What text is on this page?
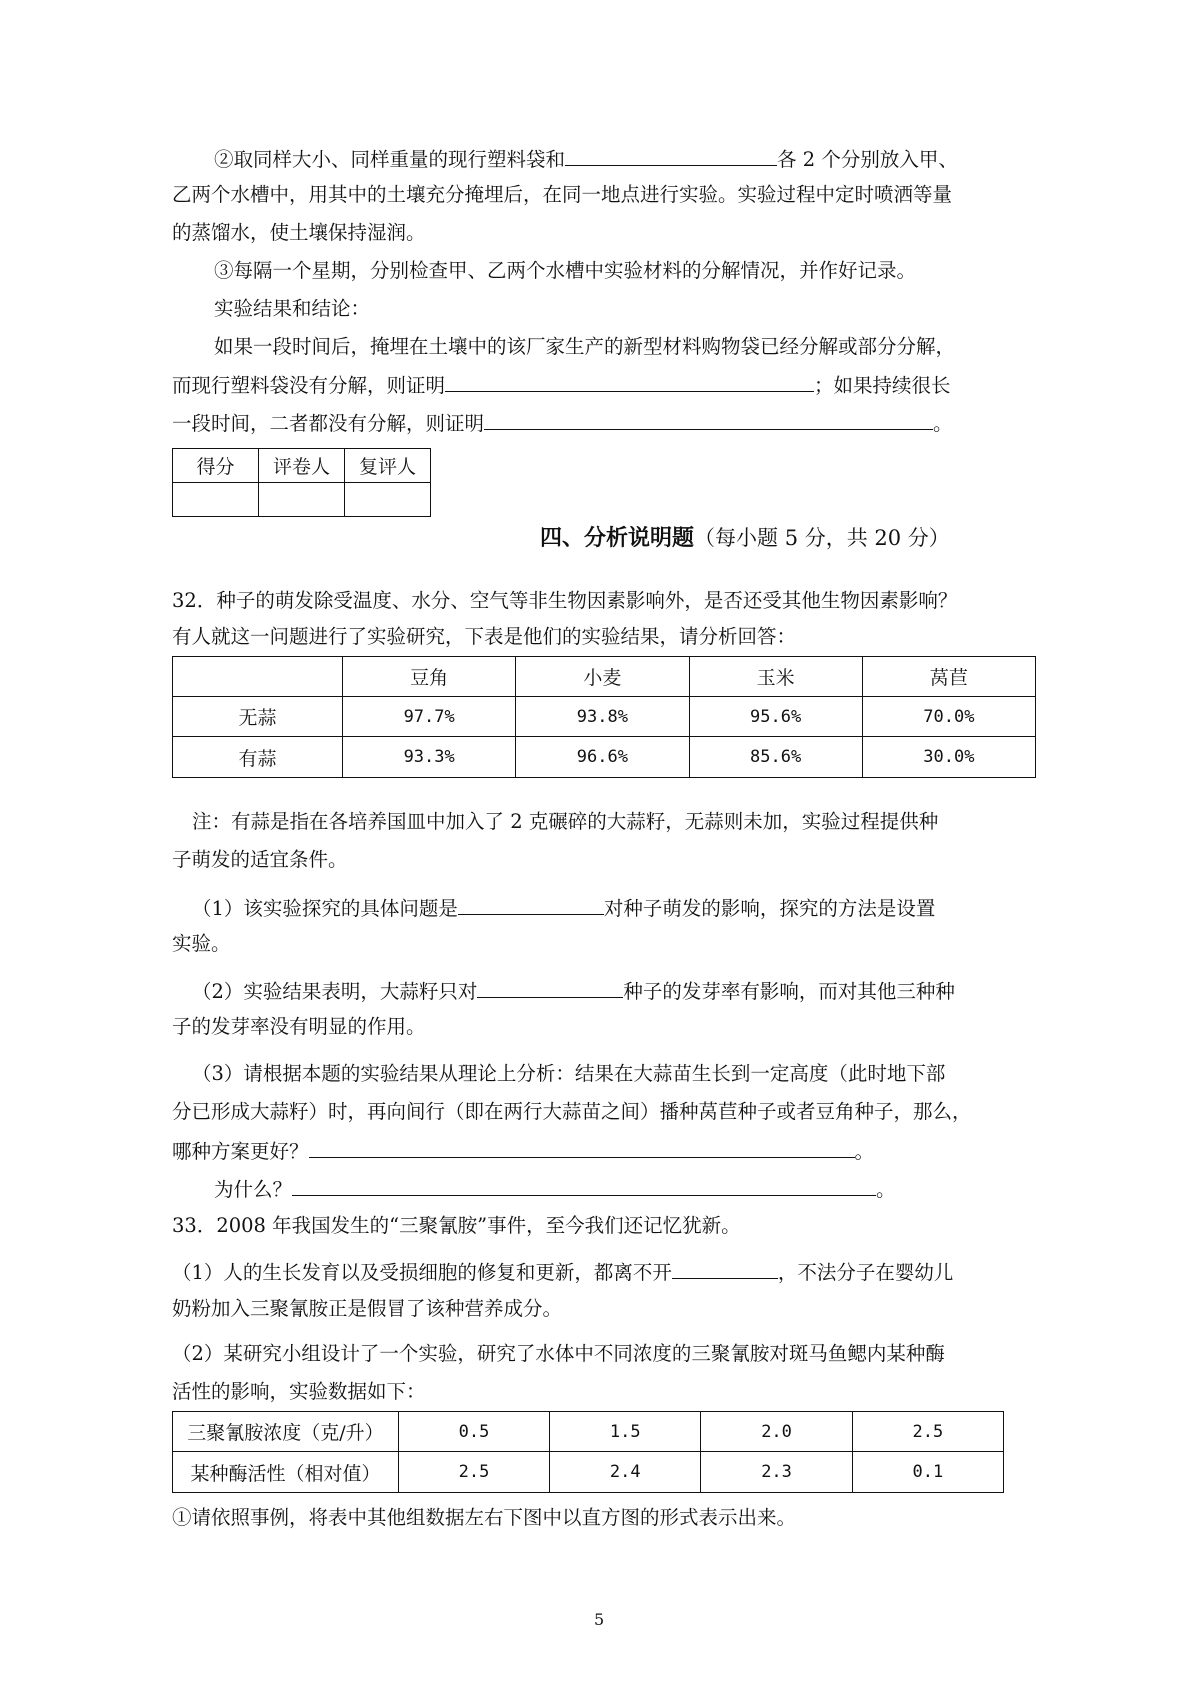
②取同样大小、同样重量的现行塑料袋和	各 2 个分别放入甲、
乙两个水槽中，用其中的土壤充分掩埋后，在同一地点进行实验。实验过程中定时喷洒等量
的蒸馏水，使土壤保持湿润。
③每隔一个星期，分别检查甲、乙两个水槽中实验材料的分解情况，并作好记录。
实验结果和结论：
如果一段时间后，掩埋在土壤中的该厂家生产的新型材料购物袋已经分解或部分分解，
而现行塑料袋没有分解，则证明	；如果持续很长
一段时间，二者都没有分解，则证明	。
得分	评卷人	复评人

四、分析说明题（每小题 5 分，共 20 分）
32．种子的萌发除受温度、水分、空气等非生物因素影响外，是否还受其他生物因素影响？
有人就这一问题进行了实验研究，下表是他们的实验结果，请分析回答：
	豆角	小麦	玉米	莴苣
无蒜	97.7%	93.8%	95.6%	70.0%
有蒜	93.3%	96.6%	85.6%	30.0%
注：有蒜是指在各培养国皿中加入了 2 克碾碎的大蒜籽，无蒜则未加，实验过程提供种
子萌发的适宜条件。
（1）该实验探究的具体问题是	对种子萌发的影响，探究的方法是设置
实验。
（2）实验结果表明，大蒜籽只对	种子的发芽率有影响，而对其他三种种
子的发芽率没有明显的作用。
（3）请根据本题的实验结果从理论上分析：结果在大蒜苗生长到一定高度（此时地下部
分已形成大蒜籽）时，再向间行（即在两行大蒜苗之间）播种莴苣种子或者豆角种子，那么，
哪种方案更好？	。
为什么？	。
33．2008 年我国发生的“三聚氰胺”事件，至今我们还记忆犹新。
（1）人的生长发育以及受损细胞的修复和更新，都离不开	，不法分子在婴幼儿
奶粉加入三聚氰胺正是假冒了该种营养成分。
（2）某研究小组设计了一个实验，研究了水体中不同浓度的三聚氰胺对斑马鱼鳃内某种酶
活性的影响，实验数据如下：
三聚氰胺浓度（克/升）	0.5	1.5	2.0	2.5
某种酶活性（相对值）	2.5	2.4	2.3	0.1
①请依照事例，将表中其他组数据左右下图中以直方图的形式表示出来。
5
